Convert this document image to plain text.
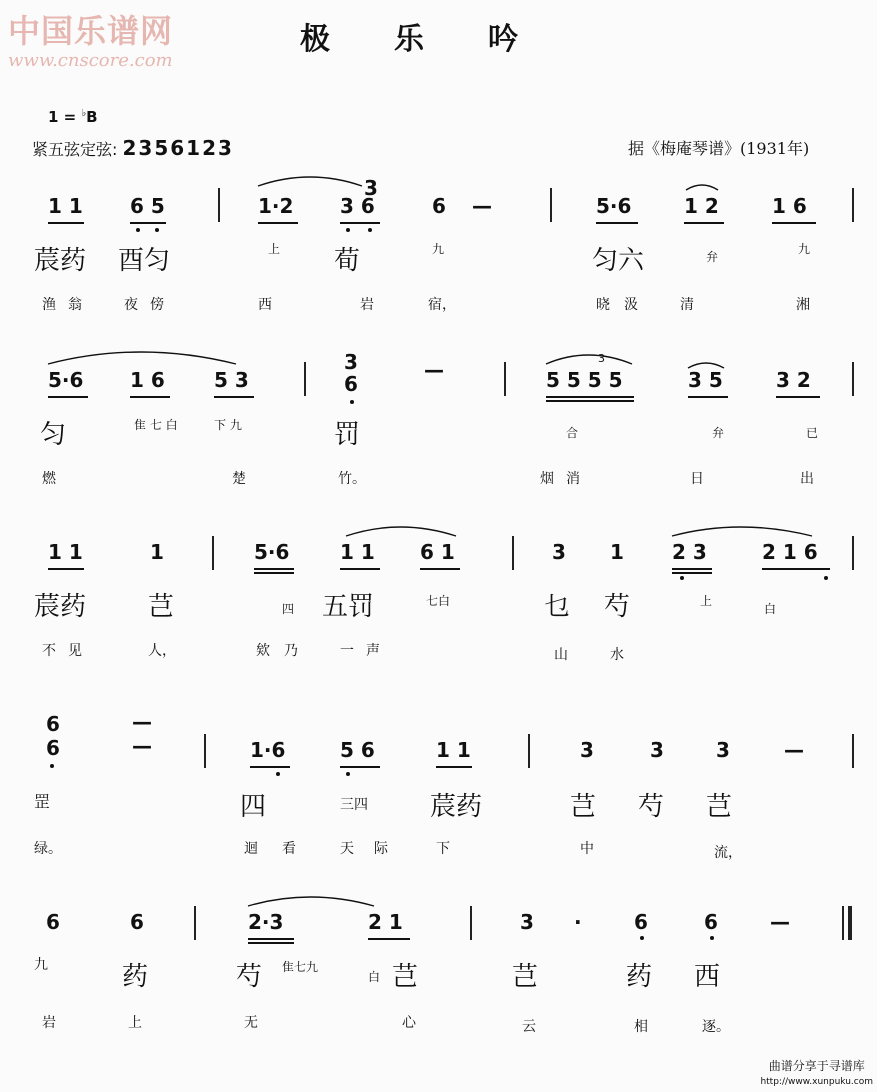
中国乐谱网
www.cnscore.com
极乐吟
1 = ♭B
紧五弦定弦: 2356123	据《梅庵琴谱》(1931年)
1 1 6 5	1·2
3
3 6	6 —	5·6	1 2	1 6
莀药 酉匀	上 荀	九	匀六	弁
九
渔 翁	夜 傍	西	岩	宿，	晓 汲	清	湘
5·6 1 6 5 3
3
6
—	5 5 5 5
3
3 5	3 2
匀	隹 七 白	下 九	罚	合	弁	已
燃	楚	竹。	烟 消	日	出
1 1	1	5·6	1 1 6 1	3 1 2 3	2 1 6
莀药 芑	四 五罚	七白	乜 芍	上
白
不 见	人，	欸 乃	一 声	山	水
6
6
—
—	1·6	5 6	1 1	3	3	3	—
罡	四	三四 莀药	芑 芍 芑
绿。	迴 看	天 际	下	中	流，
6	6	2·3	2 1	3 ·	6	6	—
九	药	芍 隹七九
白 芑	芑	药 西
岩	上	无	心	云	相	逐。
曲谱分享于寻谱库
http://www.xunpuku.com
